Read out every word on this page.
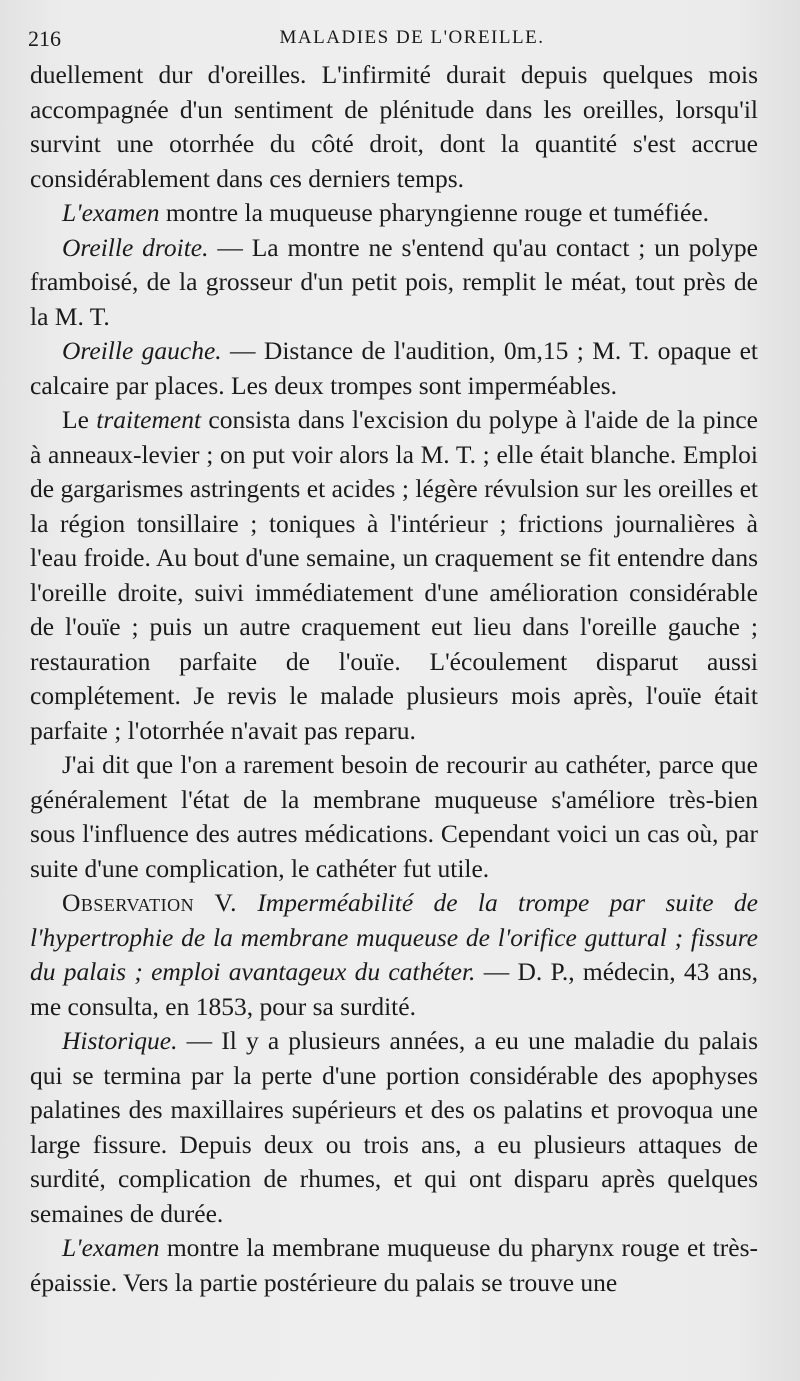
216	MALADIES DE L'OREILLE.

duellement dur d'oreilles. L'infirmité durait depuis quelques mois accompagnée d'un sentiment de plénitude dans les oreilles, lorsqu'il survint une otorrhée du côté droit, dont la quantité s'est accrue considérablement dans ces derniers temps.

L'examen montre la muqueuse pharyngienne rouge et tuméfiée.

Oreille droite. — La montre ne s'entend qu'au contact ; un polype framboisé, de la grosseur d'un petit pois, remplit le méat, tout près de la M. T.

Oreille gauche. — Distance de l'audition, 0m,15 ; M. T. opaque et calcaire par places. Les deux trompes sont imperméables.

Le traitement consista dans l'excision du polype à l'aide de la pince à anneaux-levier ; on put voir alors la M. T. ; elle était blanche. Emploi de gargarismes astringents et acides ; légère révulsion sur les oreilles et la région tonsillaire ; toniques à l'intérieur ; frictions journalières à l'eau froide. Au bout d'une semaine, un craquement se fit entendre dans l'oreille droite, suivi immédiatement d'une amélioration considérable de l'ouïe ; puis un autre craquement eut lieu dans l'oreille gauche ; restauration parfaite de l'ouïe. L'écoulement disparut aussi complétement. Je revis le malade plusieurs mois après, l'ouïe était parfaite ; l'otorrhée n'avait pas reparu.

J'ai dit que l'on a rarement besoin de recourir au cathéter, parce que généralement l'état de la membrane muqueuse s'améliore très-bien sous l'influence des autres médications. Cependant voici un cas où, par suite d'une complication, le cathéter fut utile.

Observation V. Imperméabilité de la trompe par suite de l'hypertrophie de la membrane muqueuse de l'orifice guttural ; fissure du palais ; emploi avantageux du cathéter. — D. P., médecin, 43 ans, me consulta, en 1853, pour sa surdité.

Historique. — Il y a plusieurs années, a eu une maladie du palais qui se termina par la perte d'une portion considérable des apophyses palatines des maxillaires supérieurs et des os palatins et provoqua une large fissure. Depuis deux ou trois ans, a eu plusieurs attaques de surdité, complication de rhumes, et qui ont disparu après quelques semaines de durée.

L'examen montre la membrane muqueuse du pharynx rouge et très-épaissie. Vers la partie postérieure du palais se trouve une
